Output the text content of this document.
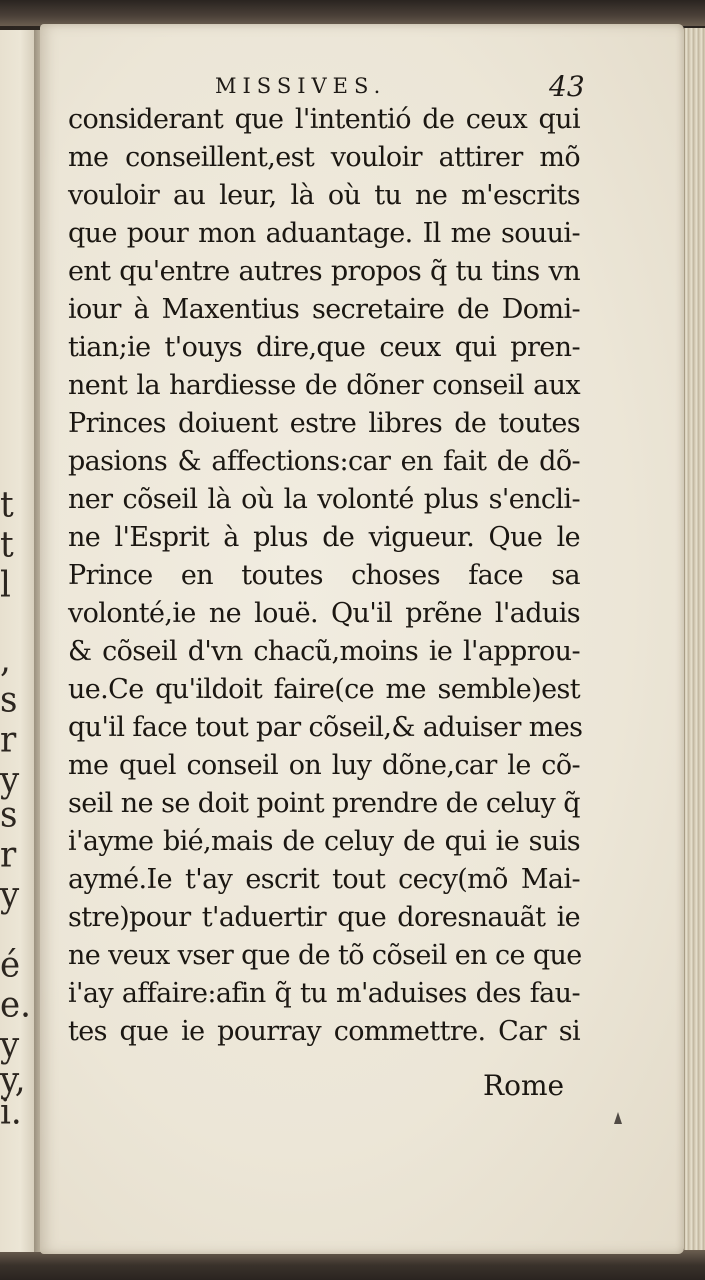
t
t
l
,
s
r
y
s
r
y
é
e.
y
y,
i.
MISSIVES.	43
considerant que l'intentió de ceux qui
me conseillent,est vouloir attirer mõ
vouloir au leur, là où tu ne m'escrits
que pour mon aduantage. Il me souui-
ent qu'entre autres propos q̃ tu tins vn
iour à Maxentius secretaire de Domi-
tian;ie t'ouys dire,que ceux qui pren-
nent la hardiesse de dõner conseil aux
Princes doiuent estre libres de toutes
pasions & affections:car en fait de dõ-
ner cõseil là où la volonté plus s'encli-
ne l'Esprit à plus de vigueur. Que le
Prince en toutes choses face sa
volonté,ie ne louë. Qu'il prẽne l'aduis
& cõseil d'vn chacũ,moins ie l'approu-
ue.Ce qu'ildoit faire(ce me semble)est
qu'il face tout par cõseil,& aduiser mes
me quel conseil on luy dõne,car le cõ-
seil ne se doit point prendre de celuy q̃
i'ayme bié,mais de celuy de qui ie suis
aymé.Ie t'ay escrit tout cecy(mõ Mai-
stre)pour t'aduertir que doresnauãt ie
ne veux vser que de tõ cõseil en ce que
i'ay affaire:afin q̃ tu m'aduises des fau-
tes que ie pourray commettre. Car si
Rome
